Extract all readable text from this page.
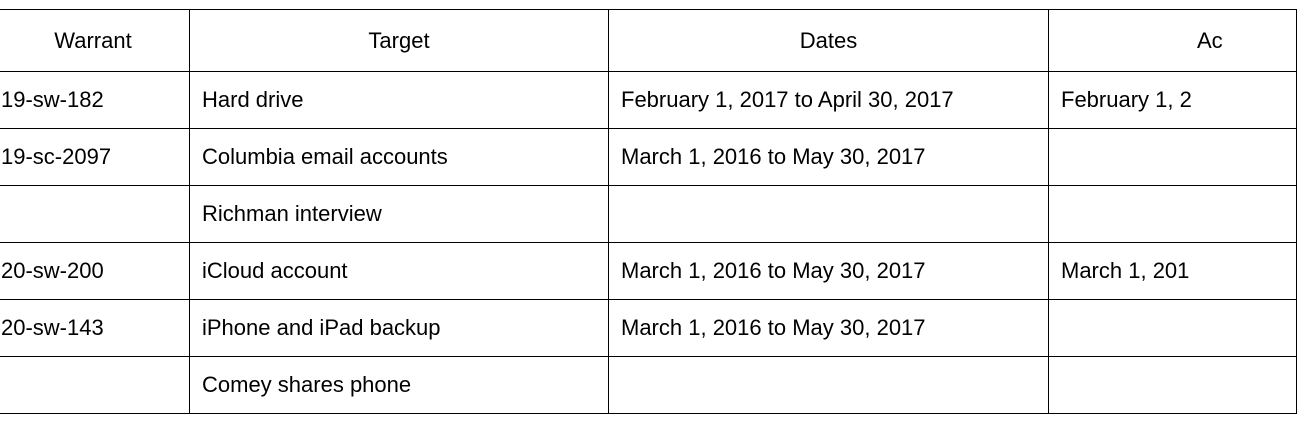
Warrant	Target	Dates	Ac
19-sw-182	Hard drive	February 1, 2017 to April 30, 2017	February 1, 2
19-sc-2097	Columbia email accounts	March 1, 2016 to May 30, 2017	
	Richman interview		
20-sw-200	iCloud account	March 1, 2016 to May 30, 2017	March 1, 201
20-sw-143	iPhone and iPad backup	March 1, 2016 to May 30, 2017	
	Comey shares phone		
